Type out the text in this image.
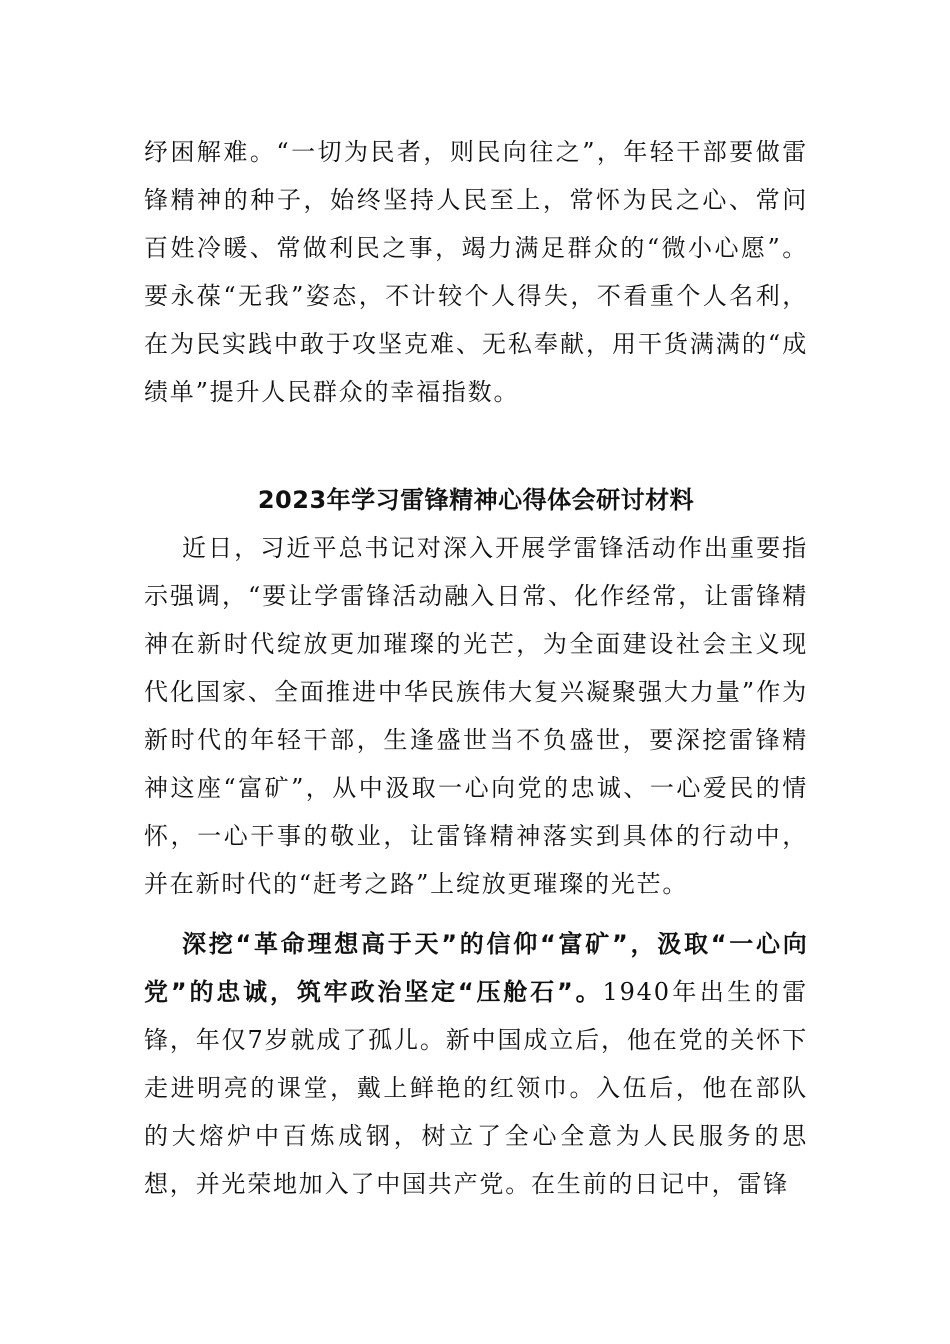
纾困解难。“一切为民者，则民向往之”，年轻干部要做雷锋精神的种子，始终坚持人民至上，常怀为民之心、常问百姓冷暖、常做利民之事，竭力满足群众的“微小心愿”。要永葆“无我”姿态，不计较个人得失，不看重个人名利，在为民实践中敢于攻坚克难、无私奉献，用干货满满的“成绩单”提升人民群众的幸福指数。

2023年学习雷锋精神心得体会研讨材料

近日，习近平总书记对深入开展学雷锋活动作出重要指示强调，“要让学雷锋活动融入日常、化作经常，让雷锋精神在新时代绽放更加璀璨的光芒，为全面建设社会主义现代化国家、全面推进中华民族伟大复兴凝聚强大力量”作为新时代的年轻干部，生逢盛世当不负盛世，要深挖雷锋精神这座“富矿”，从中汲取一心向党的忠诚、一心爱民的情怀，一心干事的敬业，让雷锋精神落实到具体的行动中，并在新时代的“赶考之路”上绽放更璀璨的光芒。

深挖“革命理想高于天”的信仰“富矿”，汲取“一心向党”的忠诚，筑牢政治坚定“压舱石”。1940年出生的雷锋，年仅7岁就成了孤儿。新中国成立后，他在党的关怀下走进明亮的课堂，戴上鲜艳的红领巾。入伍后，他在部队的大熔炉中百炼成钢，树立了全心全意为人民服务的思想，并光荣地加入了中国共产党。在生前的日记中，雷锋
